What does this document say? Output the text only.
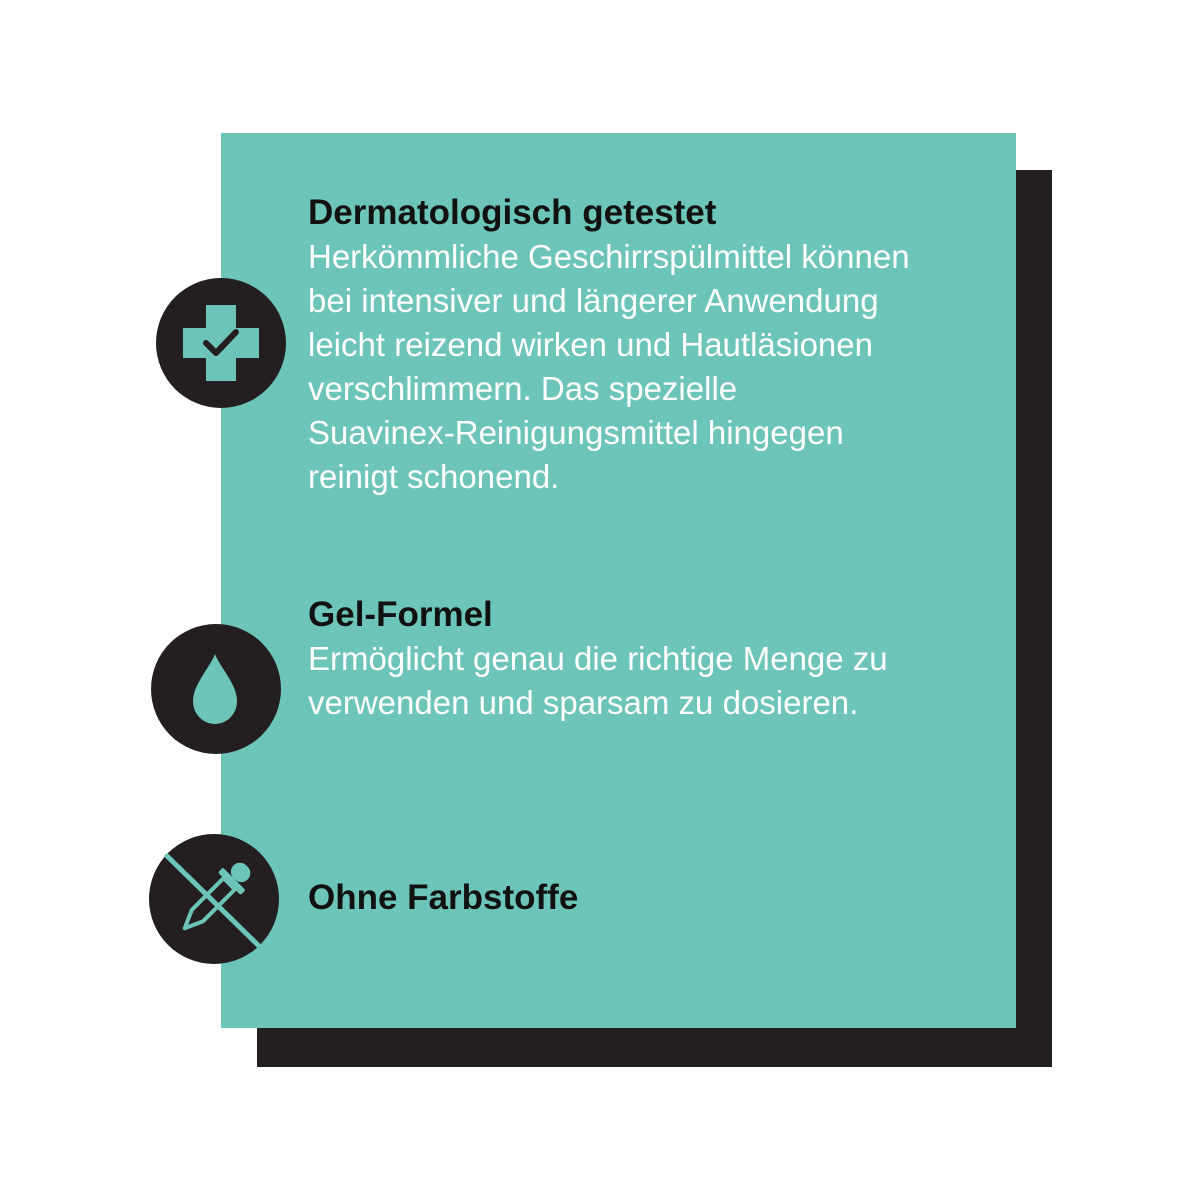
Dermatologisch getestet

Herkömmliche Geschirrspülmittel können
bei intensiver und längerer Anwendung
leicht reizend wirken und Hautläsionen
verschlimmern. Das spezielle
Suavinex-Reinigungsmittel hingegen
reinigt schonend.

Gel-Formel

Ermöglicht genau die richtige Menge zu
verwenden und sparsam zu dosieren.

Ohne Farbstoffe
